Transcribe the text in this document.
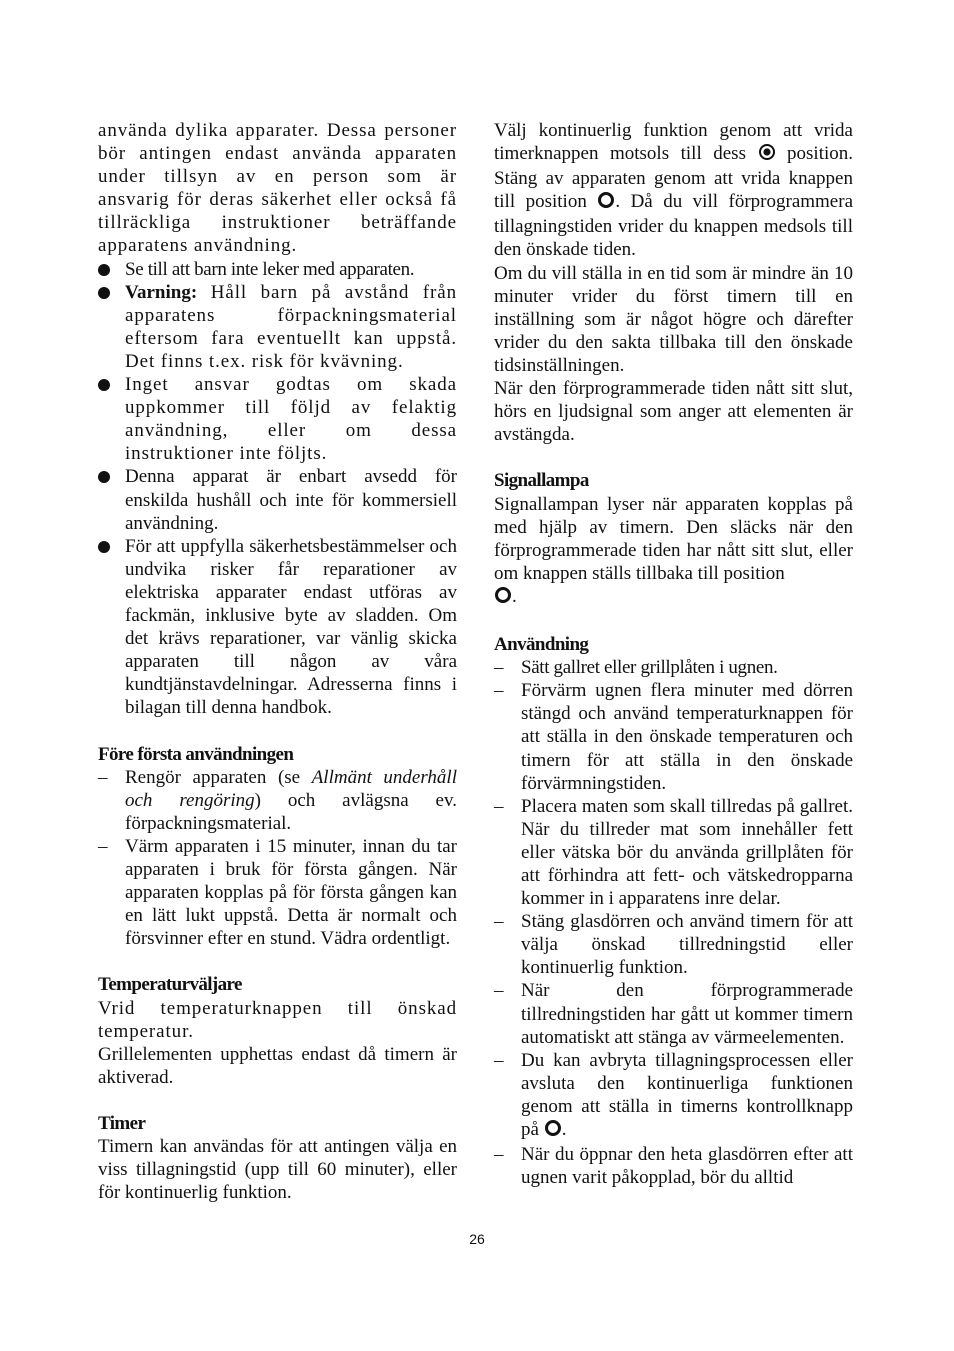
använda dylika apparater. Dessa personer bör antingen endast använda apparaten under tillsyn av en person som är ansvarig för deras säkerhet eller också få tillräckliga instruktioner beträffande apparatens användning.

Se till att barn inte leker med apparaten.
Varning: Håll barn på avstånd från apparatens förpackningsmaterial eftersom fara eventuellt kan uppstå. Det finns t.ex. risk för kvävning.
Inget ansvar godtas om skada uppkommer till följd av felaktig användning, eller om dessa instruktioner inte följts.
Denna apparat är enbart avsedd för enskilda hushåll och inte för kommersiell användning.
För att uppfylla säkerhetsbestämmelser och undvika risker får reparationer av elektriska apparater endast utföras av fackmän, inklusive byte av sladden. Om det krävs reparationer, var vänlig skicka apparaten till någon av våra kundtjänstavdelningar. Adresserna finns i bilagan till denna handbok.
Före första användningen
– Rengör apparaten (se Allmänt underhåll och rengöring) och avlägsna ev. förpackningsmaterial.
– Värm apparaten i 15 minuter, innan du tar apparaten i bruk för första gången. När apparaten kopplas på för första gången kan en lätt lukt uppstå. Detta är normalt och försvinner efter en stund. Vädra ordentligt.
Temperaturväljare

Vrid temperaturknappen till önskad temperatur.

Grillelementen upphettas endast då timern är aktiverad.

Timer

Timern kan användas för att antingen välja en viss tillagningstid (upp till 60 minuter), eller för kontinuerlig funktion.

Välj kontinuerlig funktion genom att vrida timerknappen motsols till dess  position. Stäng av apparaten genom att vrida knappen till position . Då du vill förprogrammera tillagningstiden vrider du knappen medsols till den önskade tiden.

Om du vill ställa in en tid som är mindre än 10 minuter vrider du först timern till en inställning som är något högre och därefter vrider du den sakta tillbaka till den önskade tidsinställningen.

När den förprogrammerade tiden nått sitt slut, hörs en ljudsignal som anger att elementen är avstängda.

Signallampa

Signallampan lyser när apparaten kopplas på med hjälp av timern. Den släcks när den förprogrammerade tiden har nått sitt slut, eller om knappen ställs tillbaka till position
.

Användning
– Sätt gallret eller grillplåten i ugnen.
– Förvärm ugnen flera minuter med dörren stängd och använd temperaturknappen för att ställa in den önskade temperaturen och timern för att ställa in den önskade förvärmningstiden.
– Placera maten som skall tillredas på gallret. När du tillreder mat som innehåller fett eller vätska bör du använda grillplåten för att förhindra att fett- och vätskedropparna kommer in i apparatens inre delar.
– Stäng glasdörren och använd timern för att välja önskad tillredningstid eller kontinuerlig funktion.
– När den förprogrammerade tillredningstiden har gått ut kommer timern automatiskt att stänga av värmeelementen.
– Du kan avbryta tillagningsprocessen eller avsluta den kontinuerliga funktionen genom att ställa in timerns kontrollknapp på .
– När du öppnar den heta glasdörren efter att ugnen varit påkopplad, bör du alltid
26
